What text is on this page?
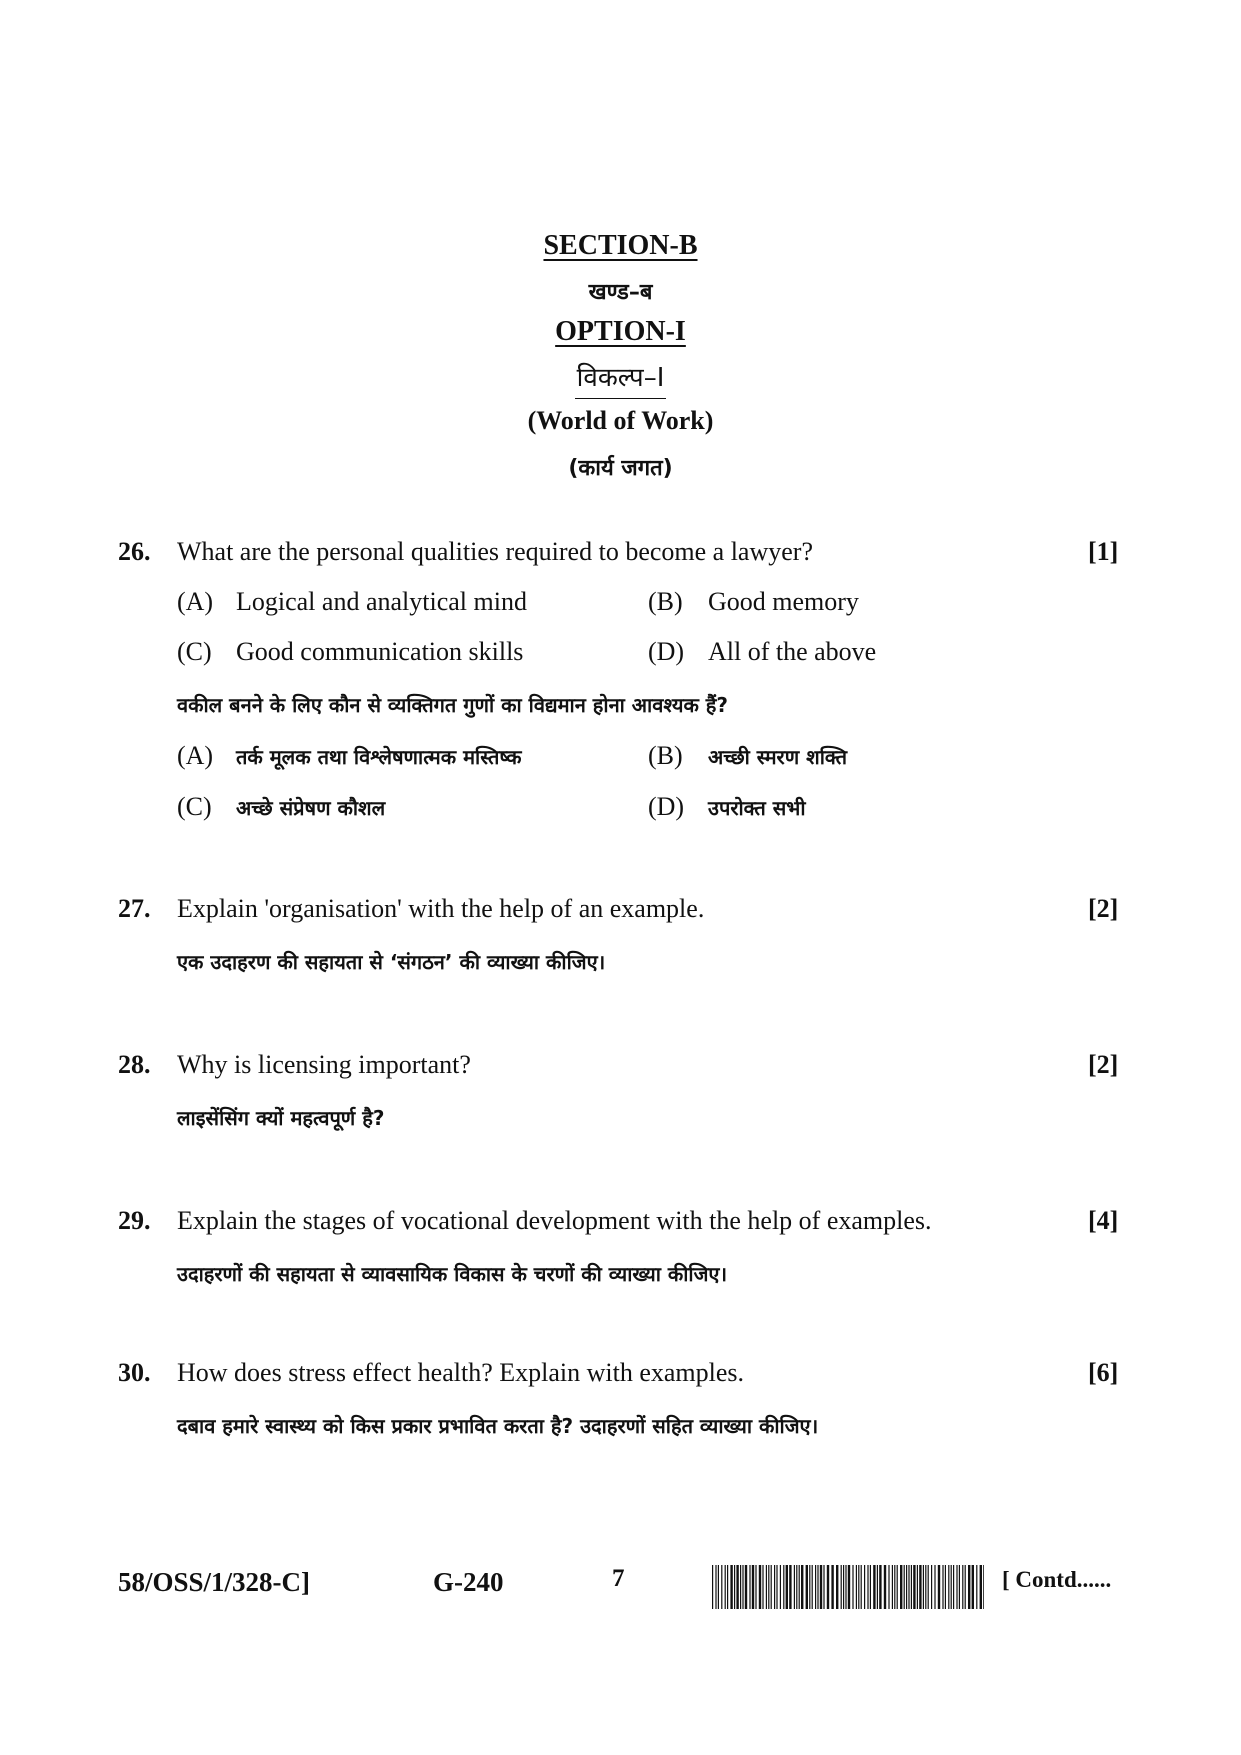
SECTION-B
खण्ड–ब
OPTION-I
विकल्प–I
(World of Work)
(कार्य जगत)
26. What are the personal qualities required to become a lawyer?	[1]
(A) Logical and analytical mind	(B) Good memory
(C) Good communication skills	(D) All of the above
वकील बनने के लिए कौन से व्यक्तिगत गुणों का विद्यमान होना आवश्यक हैं?
(A) तर्क मूलक तथा विश्लेषणात्मक मस्तिष्क	(B) अच्छी स्मरण शक्ति
(C) अच्छे संप्रेषण कौशल	(D) उपरोक्त सभी
27. Explain 'organisation' with the help of an example.	[2]
एक उदाहरण की सहायता से ‘संगठन’ की व्याख्या कीजिए।
28. Why is licensing important?	[2]
लाइसेंसिंग क्यों महत्वपूर्ण है?
29. Explain the stages of vocational development with the help of examples.	[4]
उदाहरणों की सहायता से व्यावसायिक विकास के चरणों की व्याख्या कीजिए।
30. How does stress effect health? Explain with examples.	[6]
दबाव हमारे स्वास्थ्य को किस प्रकार प्रभावित करता है? उदाहरणों सहित व्याख्या कीजिए।
58/OSS/1/328-C]	G-240	7	[ Contd......
